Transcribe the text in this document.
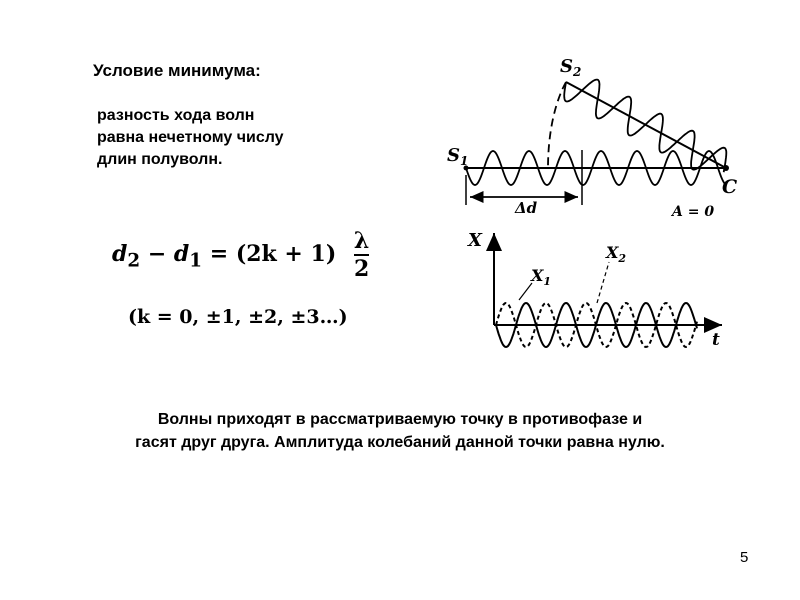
Условие минимума:
разность хода волн
равна нечетному числу
длин полуволн.
$d_2 - d_1 = (2k + 1) \frac{\lambda}{2}$
(k = 0, ±1, ±2, ±3…)
$S_1$
$S_2$
C
Δd	A = 0
X
t
$X_1$
$X_2$
Волны приходят в рассматриваемую точку в противофазе и
гасят друг друга. Амплитуда колебаний данной точки равна нулю.
5
